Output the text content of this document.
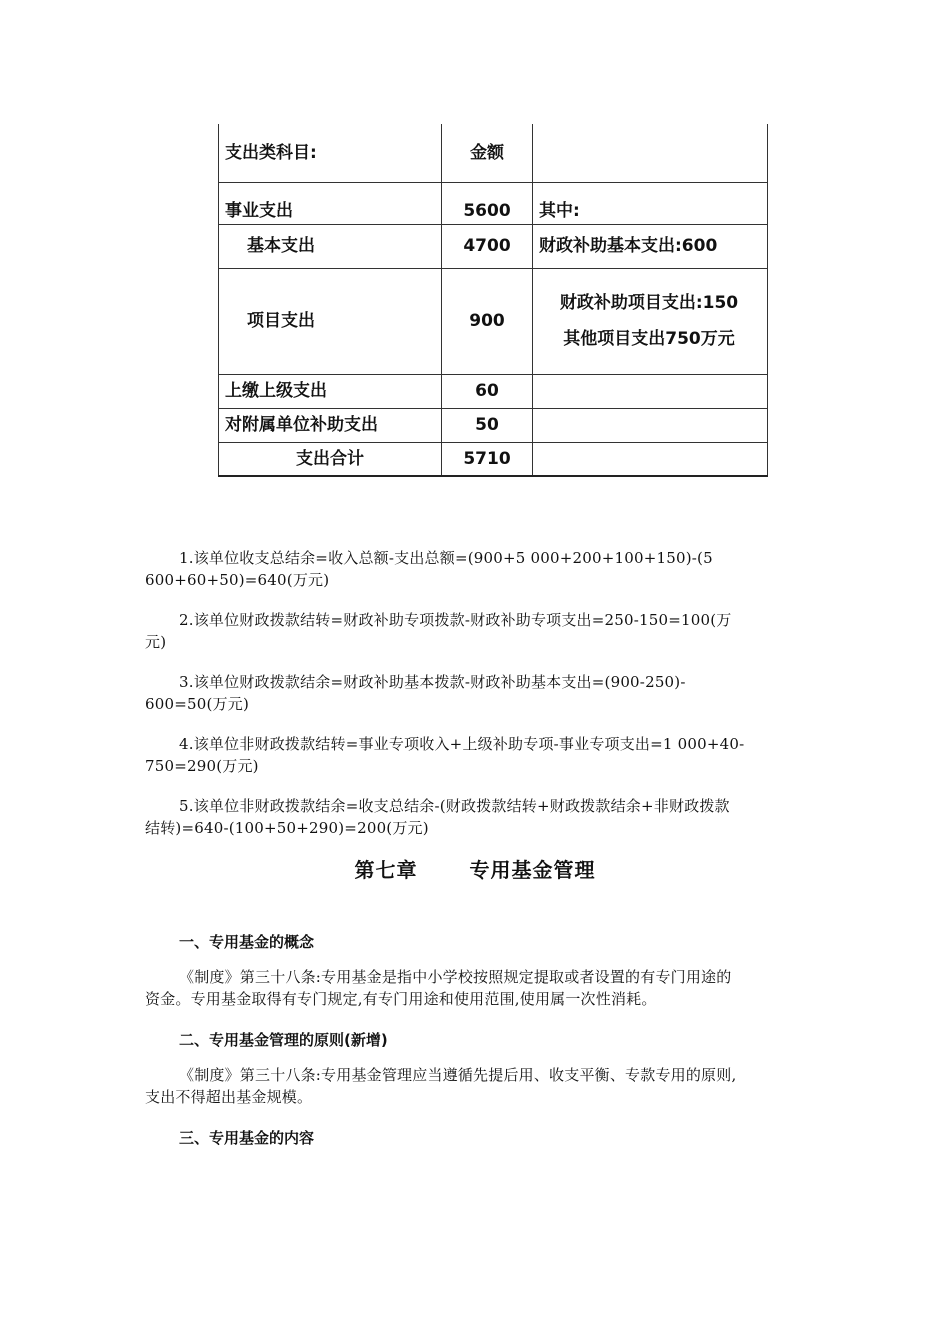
支出类科目:	金额	
事业支出	5600	其中:
基本支出	4700	财政补助基本支出:600
项目支出	900	财政补助项目支出:150
其他项目支出750万元

上缴上级支出	60	
对附属单位补助支出	50	
支出合计	5710	

1.该单位收支总结余=收入总额-支出总额=(900+5 000+200+100+150)-(5
600+60+50)=640(万元)

2.该单位财政拨款结转=财政补助专项拨款-财政补助专项支出=250-150=100(万
元)

3.该单位财政拨款结余=财政补助基本拨款-财政补助基本支出=(900-250)-
600=50(万元)

4.该单位非财政拨款结转=事业专项收入+上级补助专项-事业专项支出=1 000+40-
750=290(万元)

5.该单位非财政拨款结余=收支总结余-(财政拨款结转+财政拨款结余+非财政拨款
结转)=640-(100+50+290)=200(万元)

第七章	专用基金管理
一、专用基金的概念

《制度》第三十八条:专用基金是指中小学校按照规定提取或者设置的有专门用途的
资金。专用基金取得有专门规定,有专门用途和使用范围,使用属一次性消耗。

二、专用基金管理的原则(新增)

《制度》第三十八条:专用基金管理应当遵循先提后用、收支平衡、专款专用的原则,
支出不得超出基金规模。

三、专用基金的内容
